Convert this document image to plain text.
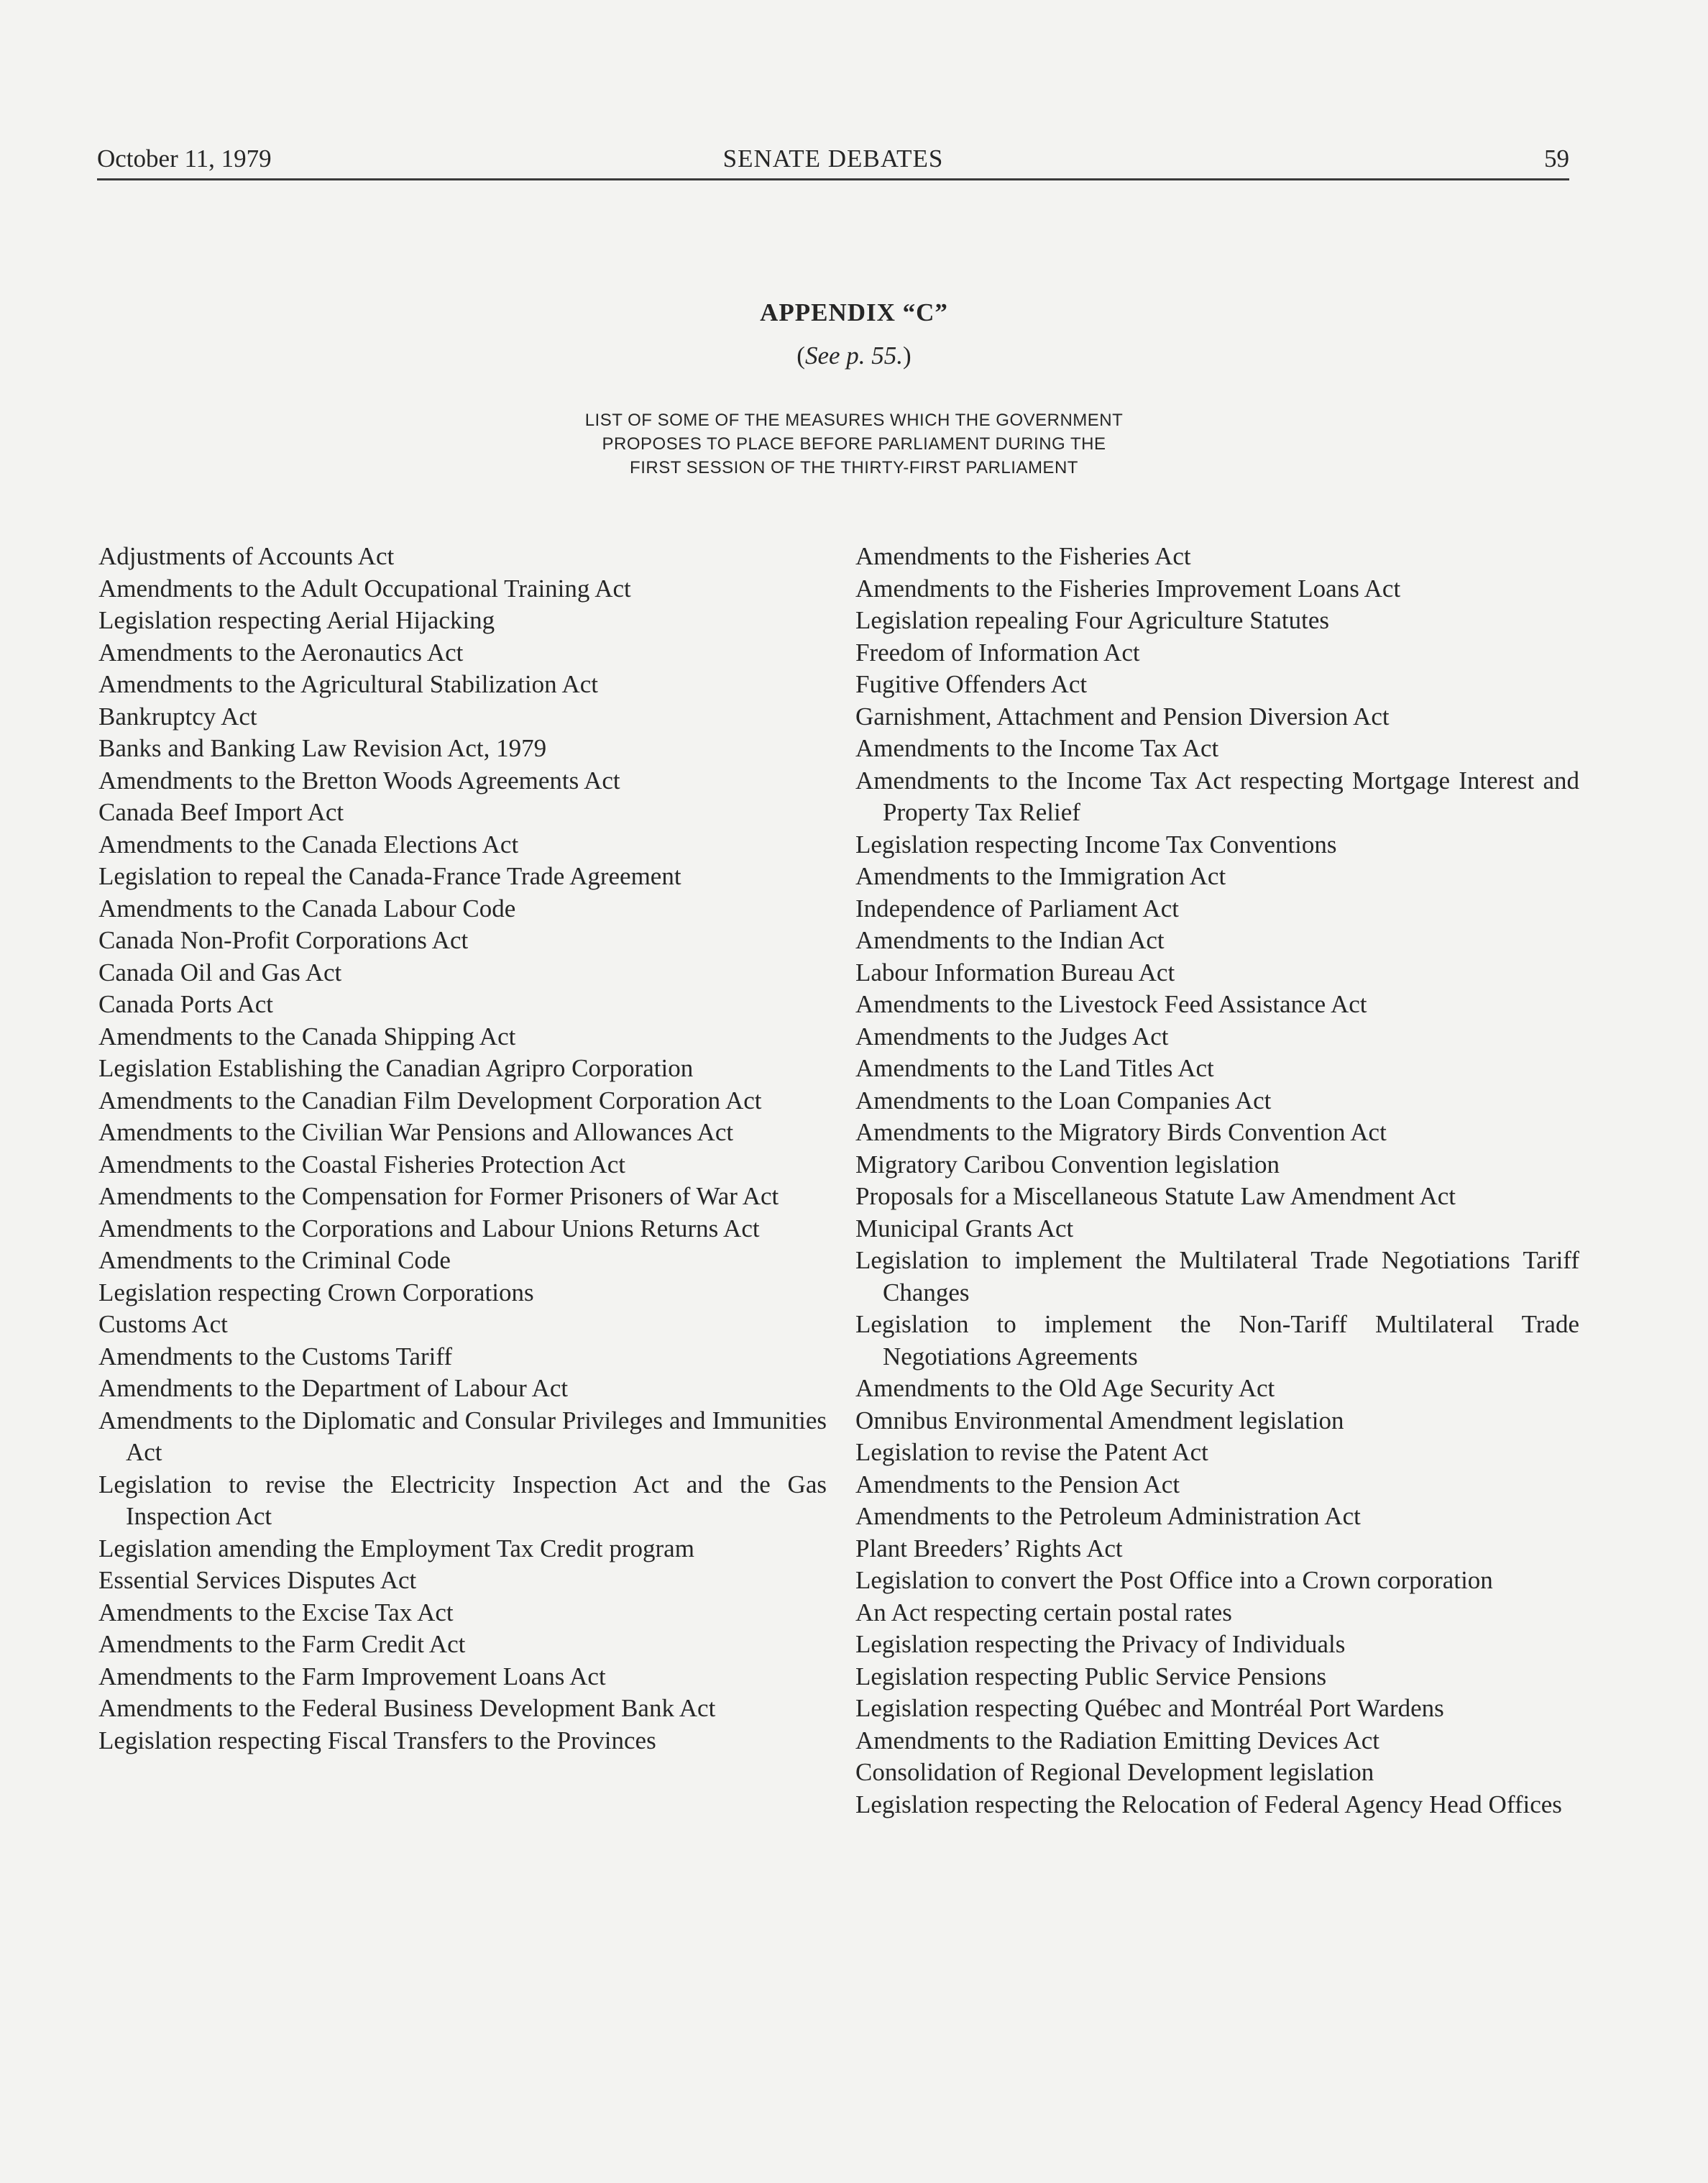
October 11, 1979	SENATE DEBATES	59
APPENDIX “C”
(See p. 55.)
LIST OF SOME OF THE MEASURES WHICH THE GOVERNMENT
PROPOSES TO PLACE BEFORE PARLIAMENT DURING THE
FIRST SESSION OF THE THIRTY-FIRST PARLIAMENT
Adjustments of Accounts Act
Amendments to the Adult Occupational Training Act
Legislation respecting Aerial Hijacking
Amendments to the Aeronautics Act
Amendments to the Agricultural Stabilization Act
Bankruptcy Act
Banks and Banking Law Revision Act, 1979
Amendments to the Bretton Woods Agreements Act
Canada Beef Import Act
Amendments to the Canada Elections Act
Legislation to repeal the Canada-France Trade Agreement
Amendments to the Canada Labour Code
Canada Non-Profit Corporations Act
Canada Oil and Gas Act
Canada Ports Act
Amendments to the Canada Shipping Act
Legislation Establishing the Canadian Agripro Corporation
Amendments to the Canadian Film Development Corporation Act
Amendments to the Civilian War Pensions and Allowances Act
Amendments to the Coastal Fisheries Protection Act
Amendments to the Compensation for Former Prisoners of War Act
Amendments to the Corporations and Labour Unions Returns Act
Amendments to the Criminal Code
Legislation respecting Crown Corporations
Customs Act
Amendments to the Customs Tariff
Amendments to the Department of Labour Act
Amendments to the Diplomatic and Consular Privileges and Immunities Act
Legislation to revise the Electricity Inspection Act and the Gas Inspection Act
Legislation amending the Employment Tax Credit program
Essential Services Disputes Act
Amendments to the Excise Tax Act
Amendments to the Farm Credit Act
Amendments to the Farm Improvement Loans Act
Amendments to the Federal Business Development Bank Act
Legislation respecting Fiscal Transfers to the Provinces
Amendments to the Fisheries Act
Amendments to the Fisheries Improvement Loans Act
Legislation repealing Four Agriculture Statutes
Freedom of Information Act
Fugitive Offenders Act
Garnishment, Attachment and Pension Diversion Act
Amendments to the Income Tax Act
Amendments to the Income Tax Act respecting Mortgage Interest and Property Tax Relief
Legislation respecting Income Tax Conventions
Amendments to the Immigration Act
Independence of Parliament Act
Amendments to the Indian Act
Labour Information Bureau Act
Amendments to the Livestock Feed Assistance Act
Amendments to the Judges Act
Amendments to the Land Titles Act
Amendments to the Loan Companies Act
Amendments to the Migratory Birds Convention Act
Migratory Caribou Convention legislation
Proposals for a Miscellaneous Statute Law Amendment Act
Municipal Grants Act
Legislation to implement the Multilateral Trade Negotiations Tariff Changes
Legislation to implement the Non-Tariff Multilateral Trade Negotiations Agreements
Amendments to the Old Age Security Act
Omnibus Environmental Amendment legislation
Legislation to revise the Patent Act
Amendments to the Pension Act
Amendments to the Petroleum Administration Act
Plant Breeders’ Rights Act
Legislation to convert the Post Office into a Crown corporation
An Act respecting certain postal rates
Legislation respecting the Privacy of Individuals
Legislation respecting Public Service Pensions
Legislation respecting Québec and Montréal Port Wardens
Amendments to the Radiation Emitting Devices Act
Consolidation of Regional Development legislation
Legislation respecting the Relocation of Federal Agency Head Offices
